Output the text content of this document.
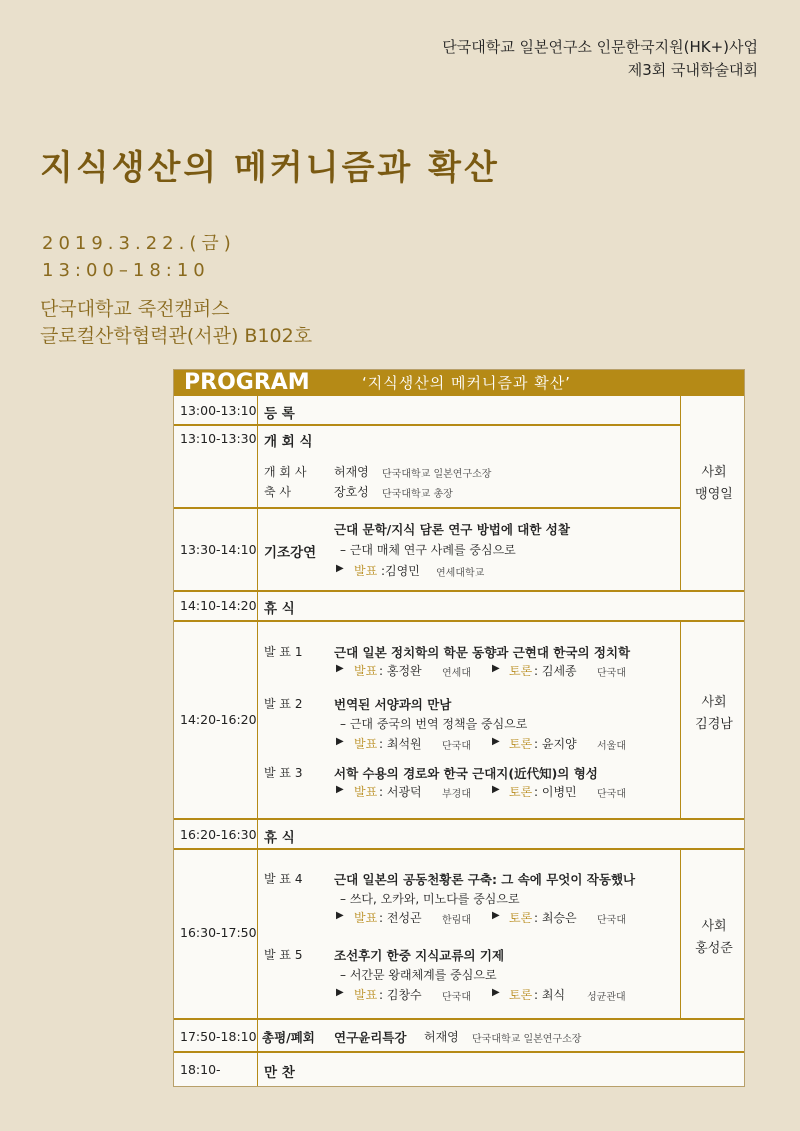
단국대학교 일본연구소 인문한국지원(HK+)사업
제3회 국내학술대회
지식생산의 메커니즘과 확산
2019.3.22.(금)
13:00–18:10
단국대학교 죽전캠퍼스
글로컬산학협력관(서관) B102호
PROGRAM	‘지식생산의 메커니즘과 확산’
13:00-13:10 등 록
13:10-13:30 개 회 식
개 회 사 허재영 단국대학교 일본연구소장
축 사	장호성 단국대학교 총장
13:30-14:10 기조강연
근대 문학/지식 담론 연구 방법에 대한 성찰
– 근대 매체 연구 사례를 중심으로
▶ 발표 :김영민 연세대학교
사회
맹영일
14:10-14:20 휴 식
14:20-16:20
발 표 1	근대 일본 정치학의 학문 동향과 근현대 한국의 정치학
▶ 발표 : 홍정완 연세대 ▶ 토론 : 김세종 단국대
발 표 2	번역된 서양과의 만남
– 근대 중국의 번역 정책을 중심으로
▶ 발표 : 최석원 단국대 ▶ 토론 : 윤지양 서울대
발 표 3	서학 수용의 경로와 한국 근대지(近代知)의 형성
▶ 발표 : 서광덕 부경대 ▶ 토론 : 이병민 단국대
사회
김경남
16:20-16:30 휴 식
16:30-17:50
발 표 4	근대 일본의 공동천황론 구축: 그 속에 무엇이 작동했나
– 쓰다, 오카와, 미노다를 중심으로
▶ 발표 : 전성곤 한림대 ▶ 토론 : 최승은 단국대
발 표 5	조선후기 한중 지식교류의 기제
– 서간문 왕래체계를 중심으로
▶ 발표 : 김창수 단국대 ▶ 토론 : 최식 성균관대
사회
홍성준
17:50-18:10 총평/폐회 연구윤리특강 허재영 단국대학교 일본연구소장
18:10-	만 찬
